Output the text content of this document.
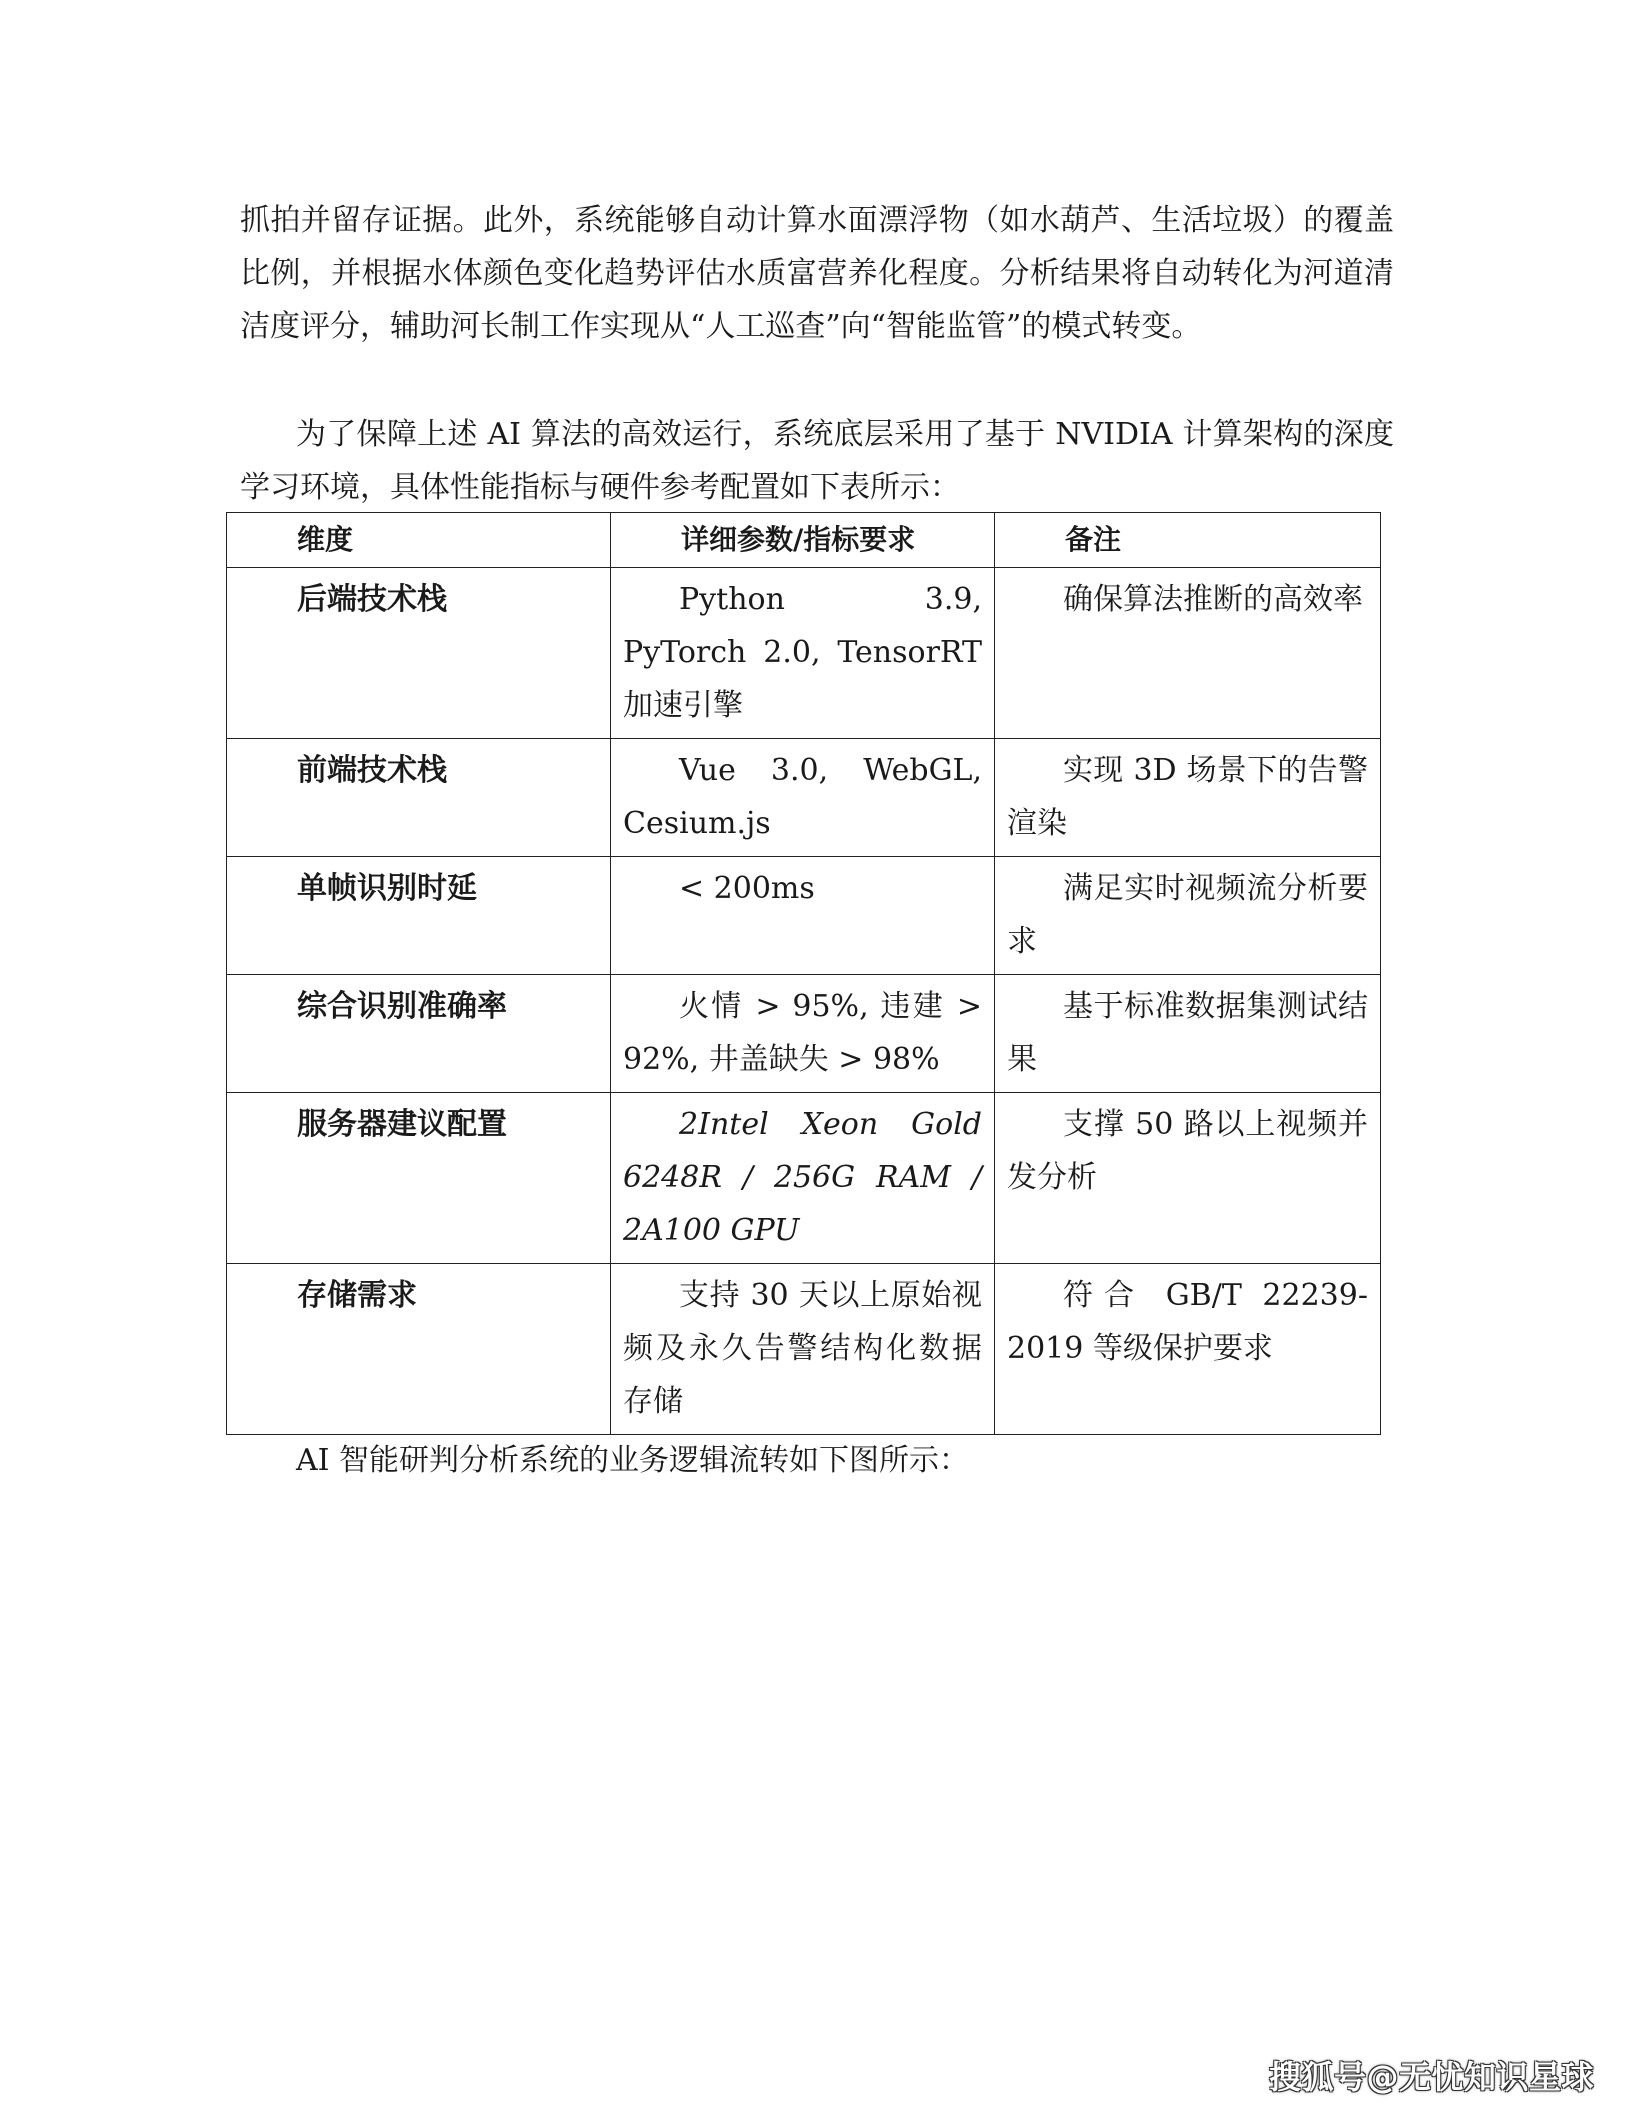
抓拍并留存证据。此外，系统能够自动计算水面漂浮物（如水葫芦、生活垃圾）的覆盖比例，并根据水体颜色变化趋势评估水质富营养化程度。分析结果将自动转化为河道清洁度评分，辅助河长制工作实现从“人工巡查”向“智能监管”的模式转变。

为了保障上述 AI 算法的高效运行，系统底层采用了基于 NVIDIA 计算架构的深度学习环境，具体性能指标与硬件参考配置如下表所示：

维度	详细参数/指标要求	备注
后端技术栈	Python 3.9, PyTorch 2.0, TensorRT 加速引擎	确保算法推断的高效率
前端技术栈	Vue 3.0, WebGL, Cesium.js	实现 3D 场景下的告警渲染
单帧识别时延	< 200ms	满足实时视频流分析要求
综合识别准确率	火情 > 95%, 违建 > 92%, 井盖缺失 > 98%	基于标准数据集测试结果
服务器建议配置	2Intel Xeon Gold 6248R / 256G RAM / 2A100 GPU	支撑 50 路以上视频并发分析
存储需求	支持 30 天以上原始视频及永久告警结构化数据存储	符合 GB/T 22239-2019 等级保护要求

AI 智能研判分析系统的业务逻辑流转如下图所示：

搜狐号@无忧知识星球
